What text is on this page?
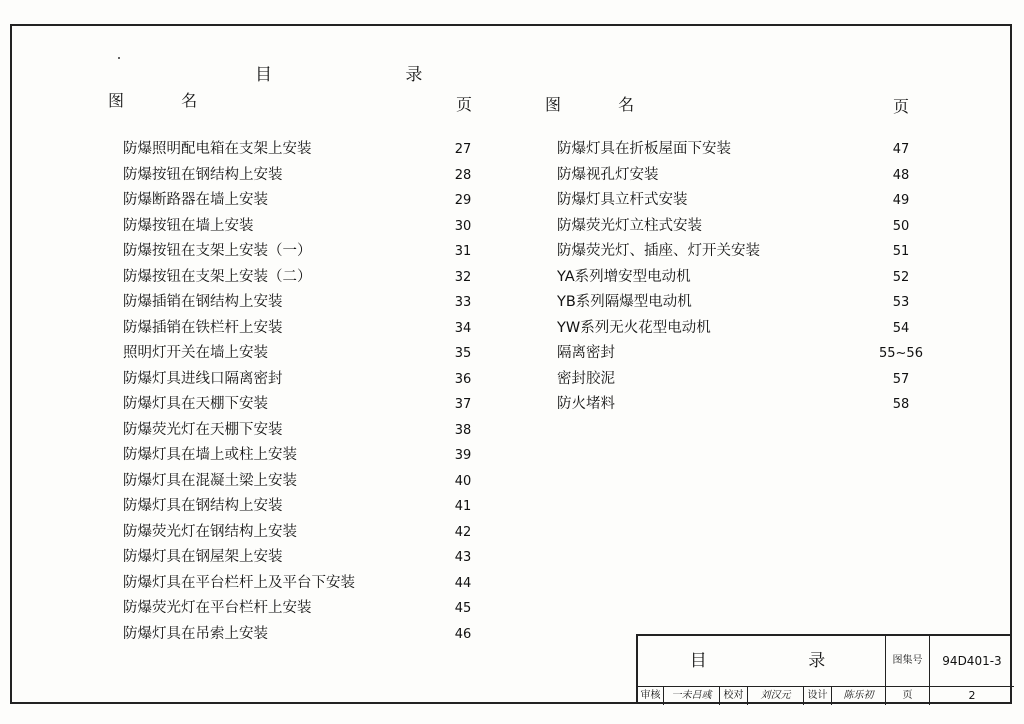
目 录
图 名	页	图 名	页
防爆照明配电箱在支架上安装	27
防爆按钮在钢结构上安装	28
防爆断路器在墙上安装	29
防爆按钮在墙上安装	30
防爆按钮在支架上安装（一）	31
防爆按钮在支架上安装（二）	32
防爆插销在钢结构上安装	33
防爆插销在铁栏杆上安装	34
照明灯开关在墙上安装	35
防爆灯具进线口隔离密封	36
防爆灯具在天棚下安装	37
防爆荧光灯在天棚下安装	38
防爆灯具在墙上或柱上安装	39
防爆灯具在混凝土梁上安装	40
防爆灯具在钢结构上安装	41
防爆荧光灯在钢结构上安装	42
防爆灯具在钢屋架上安装	43
防爆灯具在平台栏杆上及平台下安装	44
防爆荧光灯在平台栏杆上安装	45
防爆灯具在吊索上安装	46
防爆灯具在折板屋面下安装	47
防爆视孔灯安装	48
防爆灯具立杆式安装	49
防爆荧光灯立柱式安装	50
防爆荧光灯、插座、灯开关安装	51
YA系列增安型电动机	52
YB系列隔爆型电动机	53
YW系列无火花型电动机	54
隔离密封	55~56
密封胶泥	57
防火堵料	58
目 录	图集号	94D401-3
审核	一未吕彧	校对	刘汉元	设计	陈乐初	页	2
